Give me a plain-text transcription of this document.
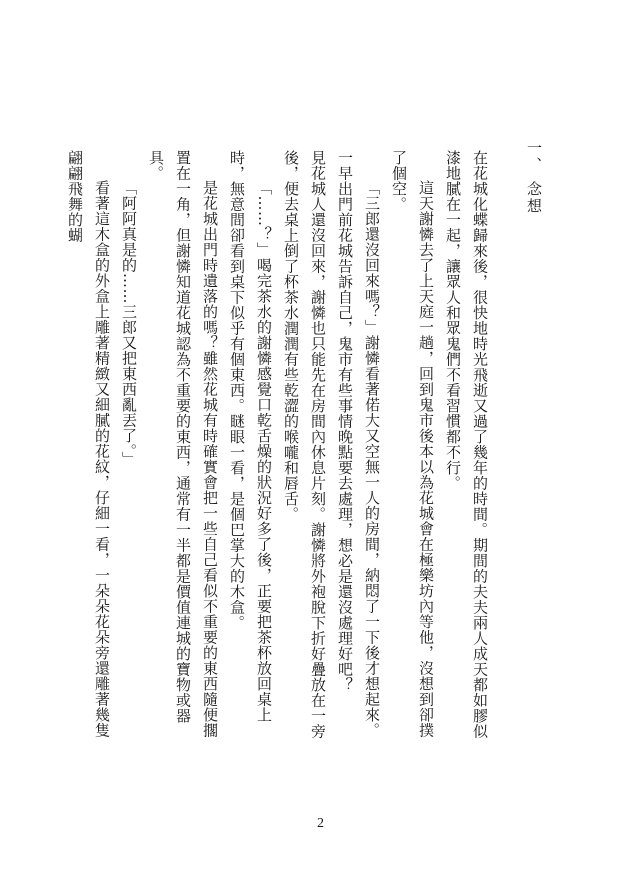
一、 念想

在花城化蝶歸來後，很快地時光飛逝又過了幾年的時間。期間的夫夫兩人成天都如膠似漆地膩在一起，讓眾人和眾鬼們不看習慣都不行。

這天謝憐去了上天庭一趟，回到鬼市後本以為花城會在極樂坊內等他，沒想到卻撲了個空。

「三郎還沒回來嗎？」謝憐看著偌大又空無一人的房間，納悶了一下後才想起來。一早出門前花城告訴自己，鬼市有些事情晚點要去處理，想必是還沒處理好吧？

見花城人還沒回來，謝憐也只能先在房間內休息片刻。謝憐將外袍脫下折好疊放在一旁後，便去桌上倒了杯茶水潤潤有些乾澀的喉嚨和唇舌。

「……？」喝完茶水的謝憐感覺口乾舌燥的狀況好多了後，正要把茶杯放回桌上時，無意間卻看到桌下似乎有個東西。瞇眼一看，是個巴掌大的木盒。

是花城出門時遺落的嗎？雖然花城有時確實會把一些自己看似不重要的東西隨便擱置在一角，但謝憐知道花城認為不重要的東西，通常有一半都是價值連城的寶物或器具。

「阿阿真是的……三郎又把東西亂丟了。」

看著這木盒的外盒上雕著精緻又細膩的花紋，仔細一看，一朵朵花朵旁還雕著幾隻翩翩飛舞的蝴

2
